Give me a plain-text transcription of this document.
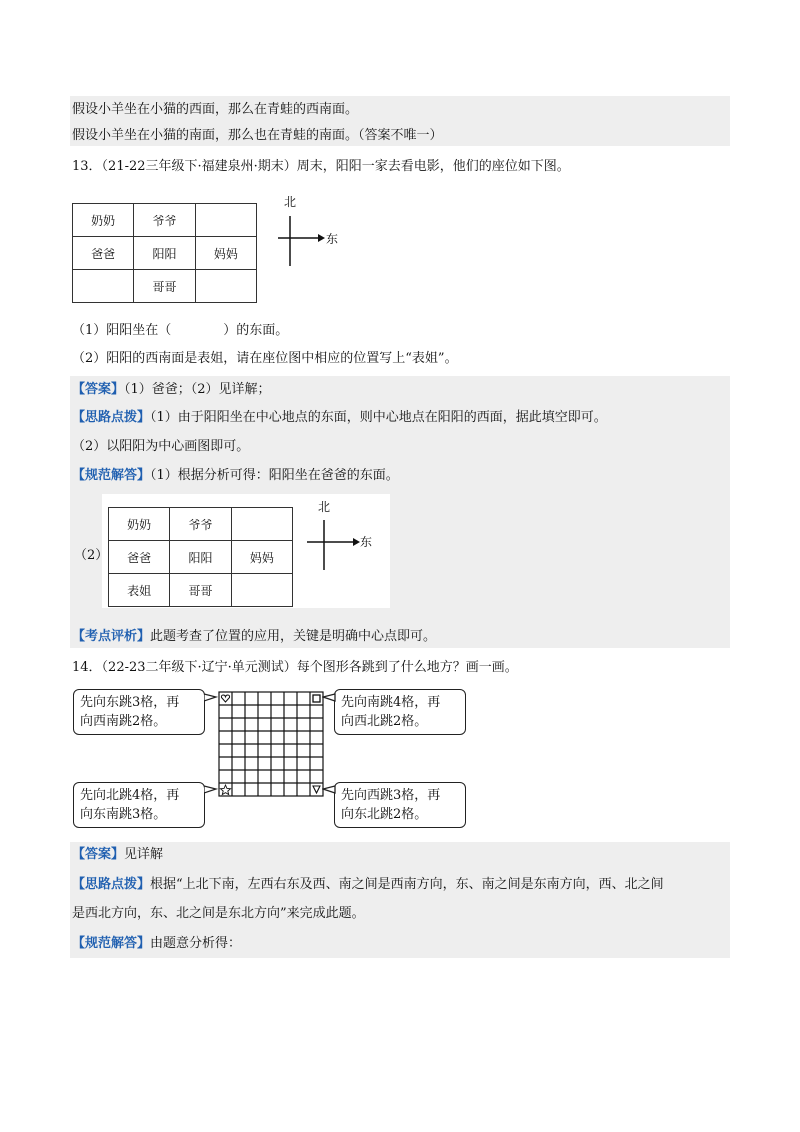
假设小羊坐在小猫的西面，那么在青蛙的西南面。
假设小羊坐在小猫的南面，那么也在青蛙的南面。（答案不唯一）
13．（21-22三年级下·福建泉州·期末）周末，阳阳一家去看电影，他们的座位如下图。
奶奶	爷爷	
爸爸	阳阳	妈妈
	哥哥	
北
东
（1）阳阳坐在（　　　　）的东面。
（2）阳阳的西南面是表姐，请在座位图中相应的位置写上“表姐”。
【答案】（1）爸爸；（2）见详解；
【思路点拨】（1）由于阳阳坐在中心地点的东面，则中心地点在阳阳的西面，据此填空即可。
（2）以阳阳为中心画图即可。
【规范解答】（1）根据分析可得：阳阳坐在爸爸的东面。
（2）
奶奶	爷爷	
爸爸	阳阳	妈妈
表姐	哥哥	
北
东
【考点评析】此题考查了位置的应用，关键是明确中心点即可。
14．（22-23二年级下·辽宁·单元测试）每个图形各跳到了什么地方？画一画。
先向东跳3格，再
向西南跳2格。
先向南跳4格，再
向西北跳2格。
先向北跳4格，再
向东南跳3格。
先向西跳3格，再
向东北跳2格。
【答案】见详解
【思路点拨】根据“上北下南，左西右东及西、南之间是西南方向，东、南之间是东南方向，西、北之间
是西北方向，东、北之间是东北方向”来完成此题。
【规范解答】由题意分析得：
